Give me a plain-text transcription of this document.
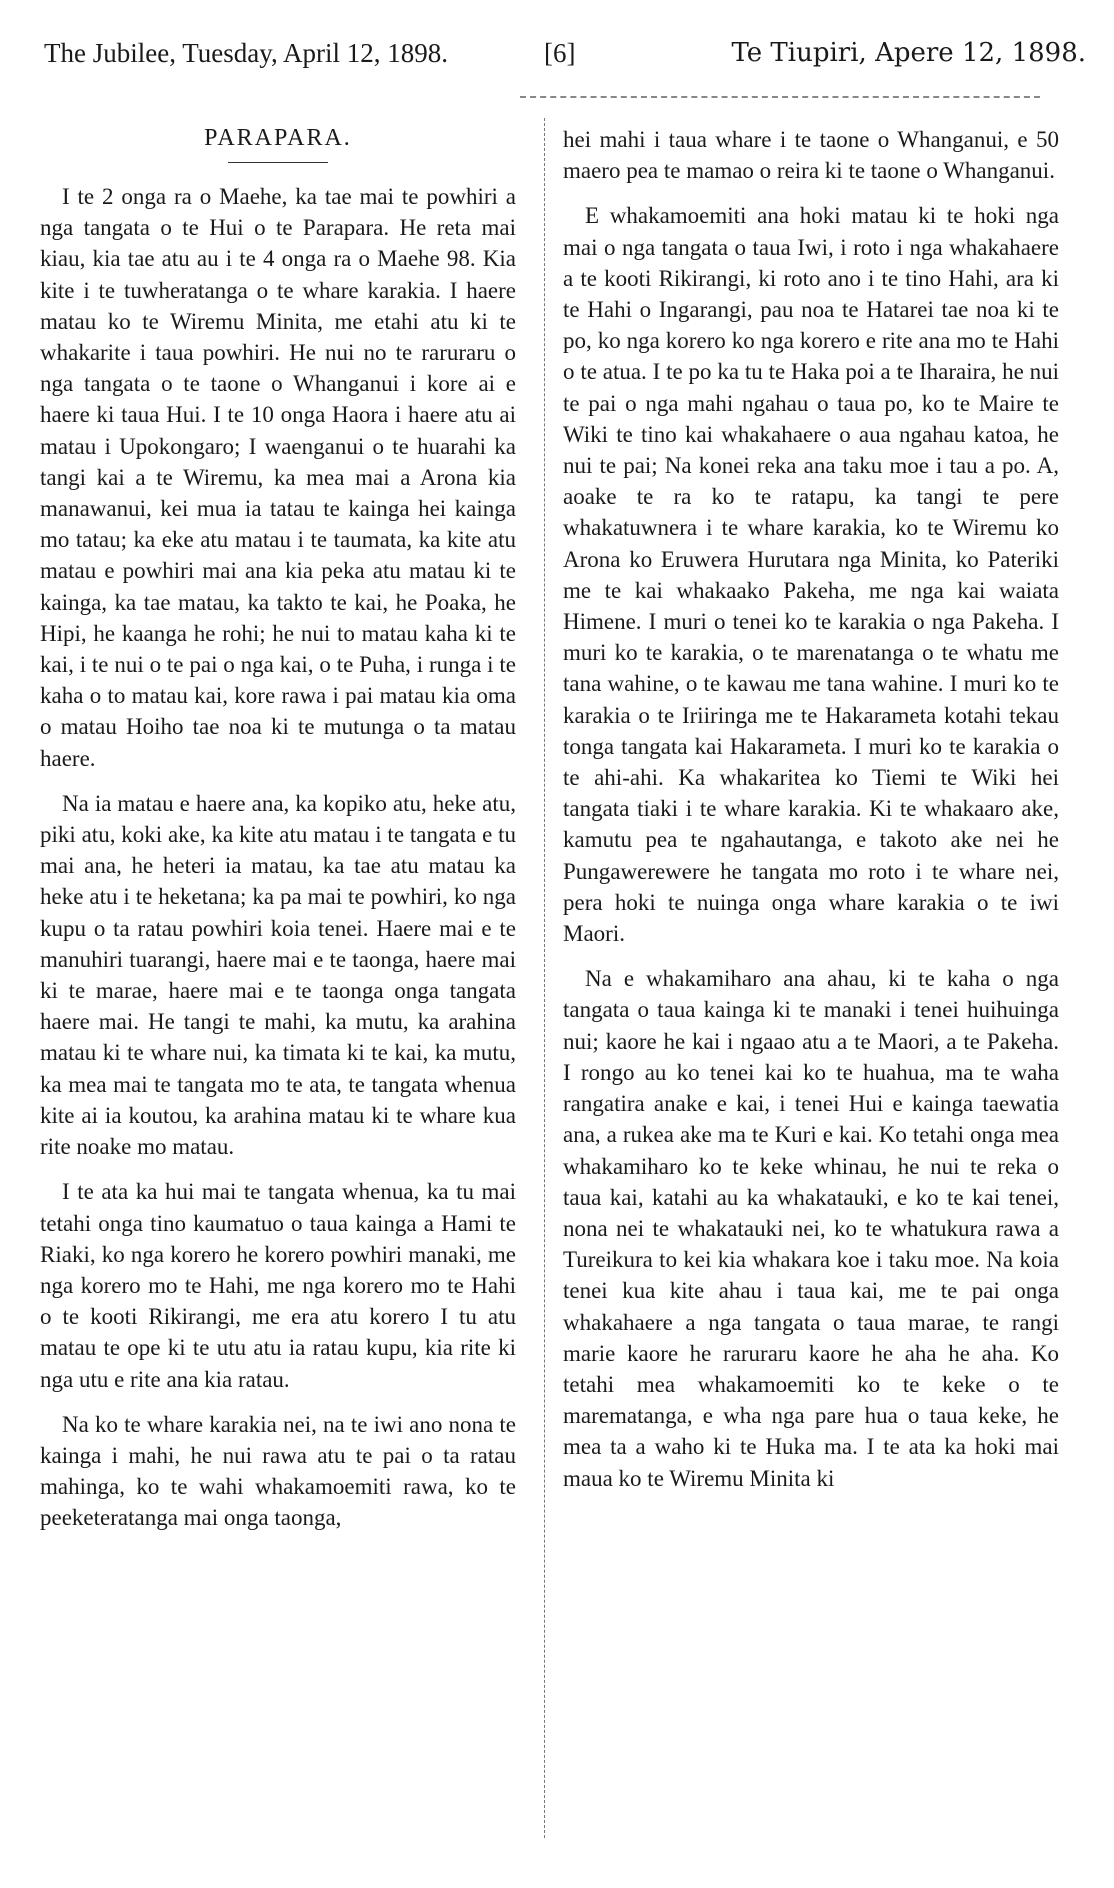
The Jubilee, Tuesday, April 12, 1898.	[6]	Te Tiupiri, Apere 12, 1898.
PARAPARA.

I te 2 onga ra o Maehe, ka tae mai te powhiri a nga tangata o te Hui o te Parapara. He reta mai kiau, kia tae atu au i te 4 onga ra o Maehe 98. Kia kite i te tuwheratanga o te whare karakia. I haere matau ko te Wiremu Minita, me etahi atu ki te whakarite i taua powhiri. He nui no te raruraru o nga tangata o te taone o Whanganui i kore ai e haere ki taua Hui. I te 10 onga Haora i haere atu ai matau i Upokongaro; I waenganui o te huarahi ka tangi kai a te Wiremu, ka mea mai a Arona kia manawanui, kei mua ia tatau te kainga hei kainga mo tatau; ka eke atu matau i te taumata, ka kite atu matau e powhiri mai ana kia peka atu matau ki te kainga, ka tae matau, ka takto te kai, he Poaka, he Hipi, he kaanga he rohi; he nui to matau kaha ki te kai, i te nui o te pai o nga kai, o te Puha, i runga i te kaha o to matau kai, kore rawa i pai matau kia oma o matau Hoiho tae noa ki te mutunga o ta matau haere.

Na ia matau e haere ana, ka kopiko atu, heke atu, piki atu, koki ake, ka kite atu matau i te tangata e tu mai ana, he heteri ia matau, ka tae atu matau ka heke atu i te heketana; ka pa mai te powhiri, ko nga kupu o ta ratau powhiri koia tenei. Haere mai e te manuhiri tuarangi, haere mai e te taonga, haere mai ki te marae, haere mai e te taonga onga tangata haere mai. He tangi te mahi, ka mutu, ka arahina matau ki te whare nui, ka timata ki te kai, ka mutu, ka mea mai te tangata mo te ata, te tangata whenua kite ai ia koutou, ka arahina matau ki te whare kua rite noake mo matau.

I te ata ka hui mai te tangata whenua, ka tu mai tetahi onga tino kaumatuo o taua kainga a Hami te Riaki, ko nga korero he korero powhiri manaki, me nga korero mo te Hahi, me nga korero mo te Hahi o te kooti Rikirangi, me era atu korero I tu atu matau te ope ki te utu atu ia ratau kupu, kia rite ki nga utu e rite ana kia ratau.

Na ko te whare karakia nei, na te iwi ano nona te kainga i mahi, he nui rawa atu te pai o ta ratau mahinga, ko te wahi whakamoemiti rawa, ko te peeketeratanga mai onga taonga,

hei mahi i taua whare i te taone o Whanganui, e 50 maero pea te mamao o reira ki te taone o Whanganui.

E whakamoemiti ana hoki matau ki te hoki nga mai o nga tangata o taua Iwi, i roto i nga whakahaere a te kooti Rikirangi, ki roto ano i te tino Hahi, ara ki te Hahi o Ingarangi, pau noa te Hatarei tae noa ki te po, ko nga korero ko nga korero e rite ana mo te Hahi o te atua. I te po ka tu te Haka poi a te Iharaira, he nui te pai o nga mahi ngahau o taua po, ko te Maire te Wiki te tino kai whakahaere o aua ngahau katoa, he nui te pai; Na konei reka ana taku moe i tau a po. A, aoake te ra ko te ratapu, ka tangi te pere whakatuwnera i te whare karakia, ko te Wiremu ko Arona ko Eruwera Hurutara nga Minita, ko Pateriki me te kai whakaako Pakeha, me nga kai waiata Himene. I muri o tenei ko te karakia o nga Pakeha. I muri ko te karakia, o te marenatanga o te whatu me tana wahine, o te kawau me tana wahine. I muri ko te karakia o te Iriiringa me te Hakarameta kotahi tekau tonga tangata kai Hakarameta. I muri ko te karakia o te ahi-ahi. Ka whakaritea ko Tiemi te Wiki hei tangata tiaki i te whare karakia. Ki te whakaaro ake, kamutu pea te ngahautanga, e takoto ake nei he Pungawerewere he tangata mo roto i te whare nei, pera hoki te nuinga onga whare karakia o te iwi Maori.

Na e whakamiharo ana ahau, ki te kaha o nga tangata o taua kainga ki te manaki i tenei huihuinga nui; kaore he kai i ngaao atu a te Maori, a te Pakeha. I rongo au ko tenei kai ko te huahua, ma te waha rangatira anake e kai, i tenei Hui e kainga taewatia ana, a rukea ake ma te Kuri e kai. Ko tetahi onga mea whakamiharo ko te keke whinau, he nui te reka o taua kai, katahi au ka whakatauki, e ko te kai tenei, nona nei te whakatauki nei, ko te whatukura rawa a Tureikura to kei kia whakara koe i taku moe. Na koia tenei kua kite ahau i taua kai, me te pai onga whakahaere a nga tangata o taua marae, te rangi marie kaore he raruraru kaore he aha he aha. Ko tetahi mea whakamoemiti ko te keke o te marematanga, e wha nga pare hua o taua keke, he mea ta a waho ki te Huka ma. I te ata ka hoki mai maua ko te Wiremu Minita ki
